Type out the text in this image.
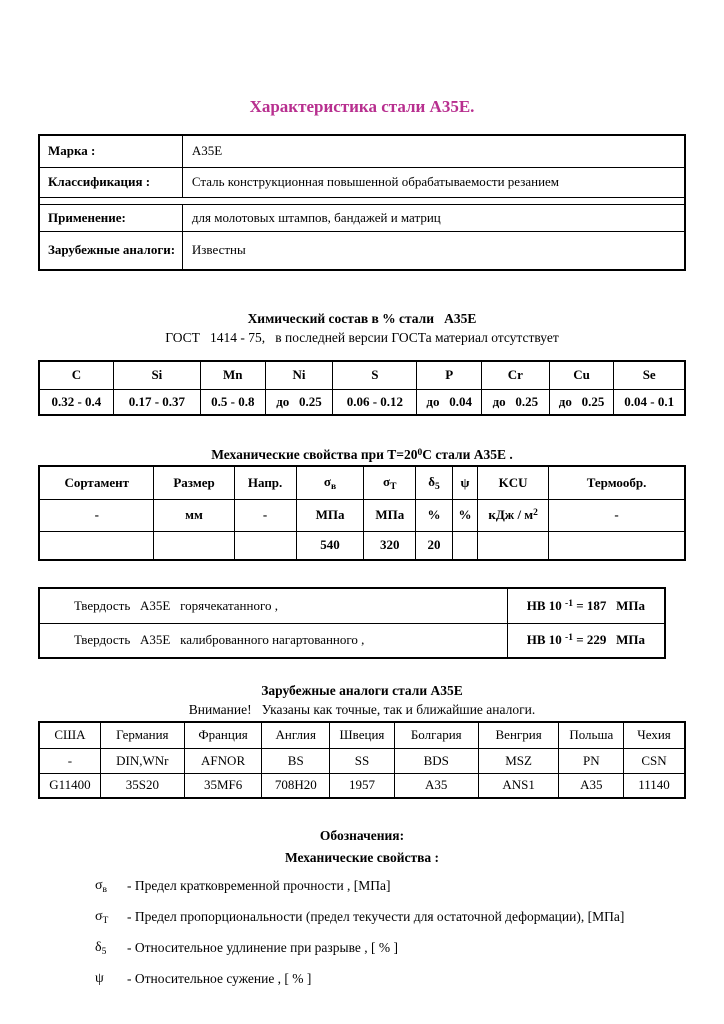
Характеристика стали А35Е.
Марка :	А35Е
Классификация :	Сталь конструкционная повышенной обрабатываемости резанием

Применение:	для молотовых штампов, бандажей и матриц
Зарубежные аналоги:	Известны

Химический состав в % стали   А35Е

ГОСТ   1414 - 75,   в последней версии ГОСТа материал отсутствует

C	Si	Mn	Ni	S	P	Cr	Cu	Se
0.32 - 0.4	0.17 - 0.37	0.5 - 0.8	до   0.25	0.06 - 0.12	до   0.04	до   0.25	до   0.25	0.04 - 0.1

Механические свойства при $Т=20^0С$ стали А35Е .

Сортамент	Размер	Напр.	$\sigma_в$	$\sigma_Т$	$\delta_5$	ψ	KCU	Термообр.
-	мм	-	МПа	МПа	%	%	кДж / $м^2$	-
			540	320	20			
Твердость   А35Е   горячекатанного ,	НВ 10 $^{-1}$ = 187   МПа
Твердость   А35Е   калиброванного нагартованного ,	НВ 10 $^{-1}$ = 229   МПа

Зарубежные аналоги стали А35Е

Внимание!   Указаны как точные, так и ближайшие аналоги.

США	Германия	Франция	Англия	Швеция	Болгария	Венгрия	Польша	Чехия
-	DIN,WNr	AFNOR	BS	SS	BDS	MSZ	PN	CSN
G11400	35S20	35MF6	708H20	1957	A35	ANS1	A35	11140

Обозначения:

Механические свойства :

$\sigma_в$	- Предел кратковременной прочности , [МПа]
$\sigma_Т$	- Предел пропорциональности (предел текучести для остаточной деформации), [МПа]
$\delta_5$	- Относительное удлинение при разрыве , [ % ]
ψ	- Относительное сужение , [ % ]
